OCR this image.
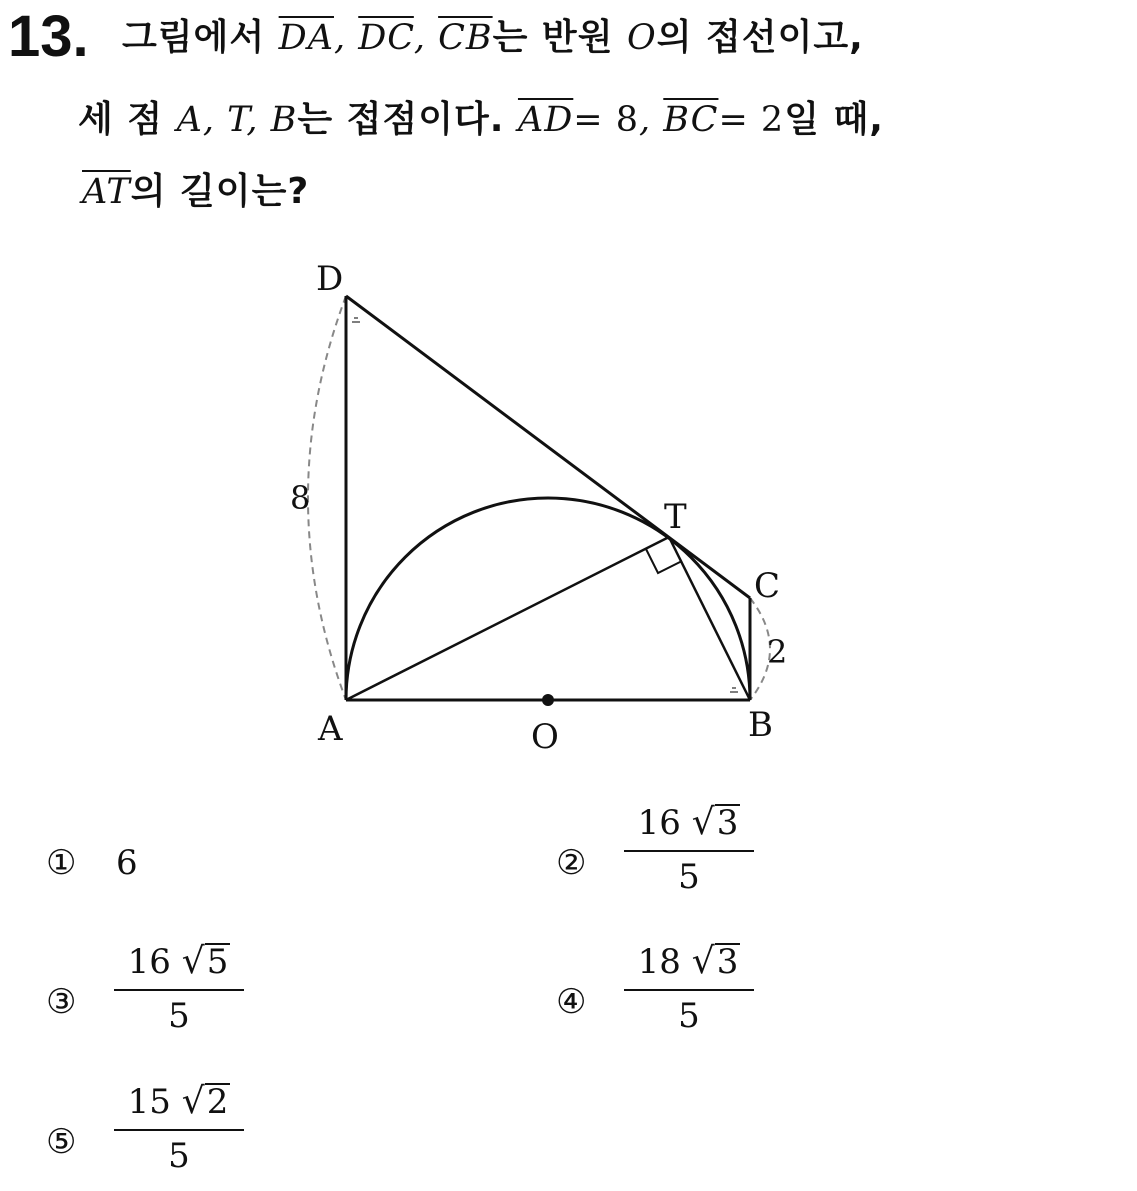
13. 그림에서 $\overline{DA}$, $\overline{DC}$, $\overline{CB}$는 반원 O의 접선이고,
세 점 A, T, B는 접점이다. $\overline{AD}= 8$, $\overline{BC}= 2$일 때,
$\overline{AT}$의 길이는?
D
T
C
A	O	B
8
2
① 6	②
16 √3
5
③
16 √5
5	④
18 √3
5
⑤
15 √2
5
